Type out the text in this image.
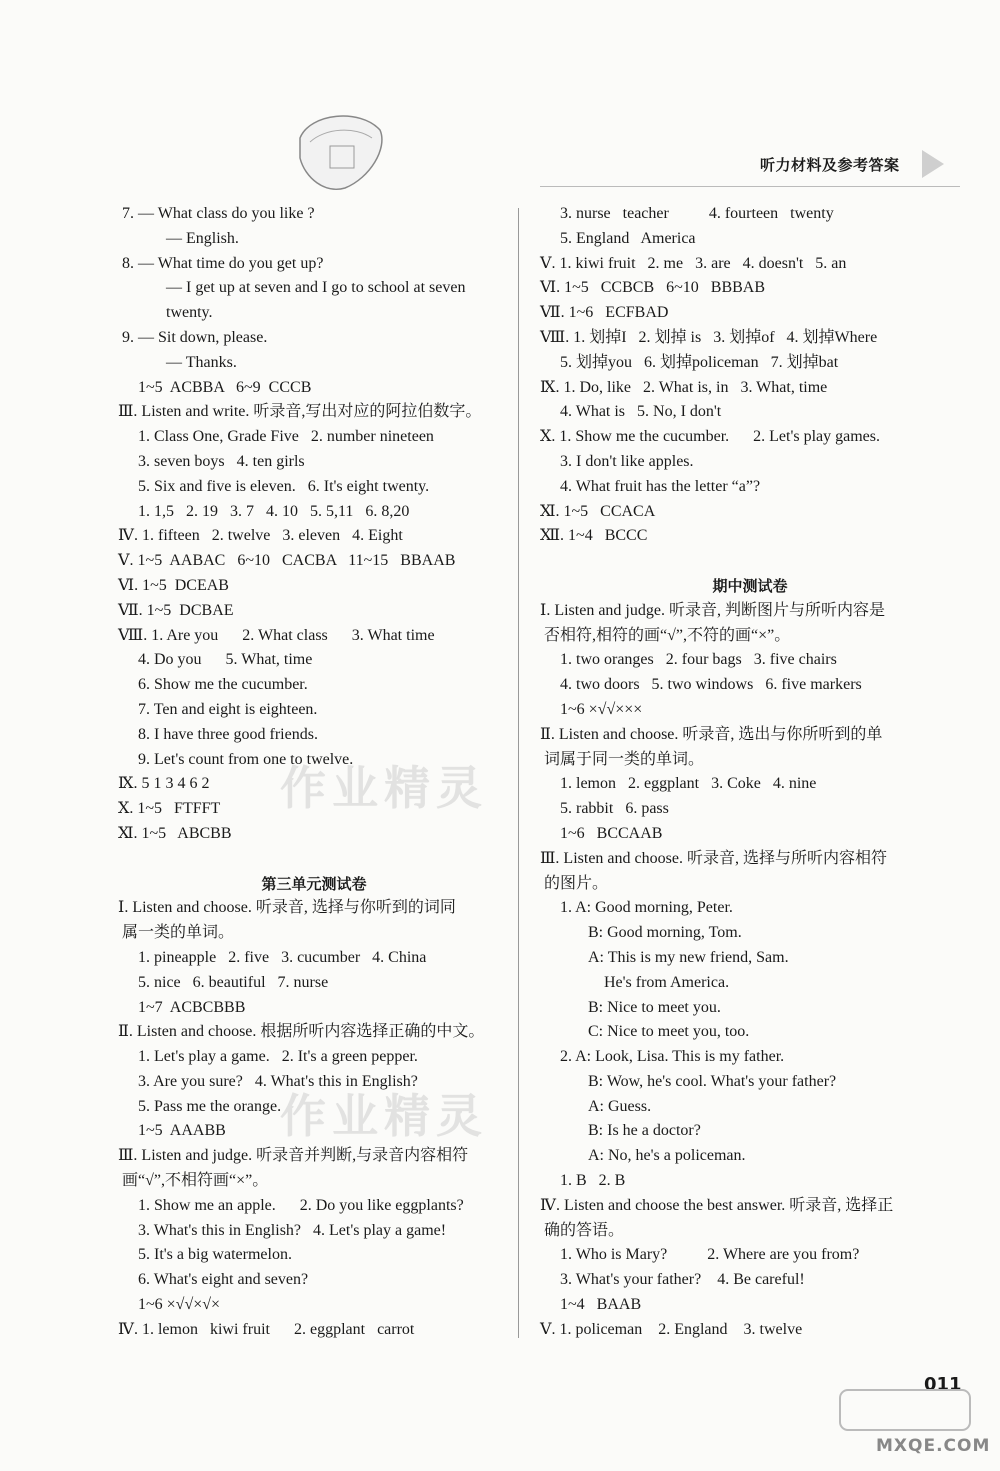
听力材料及参考答案
7. — What class do you like ?
— English.
8. — What time do you get up?
— I get up at seven and I go to school at seven
twenty.
9. — Sit down, please.
— Thanks.
1~5  ACBBA   6~9  CCCB
Ⅲ. Listen and write. 听录音,写出对应的阿拉伯数字。
1. Class One, Grade Five   2. number nineteen
3. seven boys   4. ten girls
5. Six and five is eleven.   6. It's eight twenty.
1. 1,5   2. 19   3. 7   4. 10   5. 5,11   6. 8,20
Ⅳ. 1. fifteen   2. twelve   3. eleven   4. Eight
Ⅴ. 1~5  AABAC   6~10   CACBA   11~15   BBAAB
Ⅵ. 1~5  DCEAB
Ⅶ. 1~5  DCBAE
Ⅷ. 1. Are you      2. What class      3. What time
4. Do you      5. What, time
6. Show me the cucumber.
7. Ten and eight is eighteen.
8. I have three good friends.
9. Let's count from one to twelve.
Ⅸ. 5 1 3 4 6 2
Ⅹ. 1~5   FTFFT
Ⅺ. 1~5   ABCBB
第三单元测试卷
Ⅰ. Listen and choose. 听录音, 选择与你听到的词同
属一类的单词。
1. pineapple   2. five   3. cucumber   4. China
5. nice   6. beautiful   7. nurse
1~7  ACBCBBB
Ⅱ. Listen and choose. 根据所听内容选择正确的中文。
1. Let's play a game.   2. It's a green pepper.
3. Are you sure?   4. What's this in English?
5. Pass me the orange.
1~5  AAABB
Ⅲ. Listen and judge. 听录音并判断,与录音内容相符
画“√”,不相符画“×”。
1. Show me an apple.      2. Do you like eggplants?
3. What's this in English?   4. Let's play a game!
5. It's a big watermelon.
6. What's eight and seven?
1~6 ×√√×√×
Ⅳ. 1. lemon   kiwi fruit      2. eggplant   carrot
3. nurse   teacher          4. fourteen   twenty
5. England   America
Ⅴ. 1. kiwi fruit   2. me   3. are   4. doesn't   5. an
Ⅵ. 1~5   CCBCB   6~10   BBBAB
Ⅶ. 1~6   ECFBAD
Ⅷ. 1. 划掉I   2. 划掉 is   3. 划掉of   4. 划掉Where
5. 划掉you   6. 划掉policeman   7. 划掉bat
Ⅸ. 1. Do, like   2. What is, in   3. What, time
4. What is   5. No, I don't
Ⅹ. 1. Show me the cucumber.      2. Let's play games.
3. I don't like apples.
4. What fruit has the letter “a”?
Ⅺ. 1~5   CCACA
Ⅻ. 1~4   BCCC
期中测试卷
Ⅰ. Listen and judge. 听录音, 判断图片与所听内容是
否相符,相符的画“√”,不符的画“×”。
1. two oranges   2. four bags   3. five chairs
4. two doors   5. two windows   6. five markers
1~6 ×√√×××
Ⅱ. Listen and choose. 听录音, 选出与你所听到的单
词属于同一类的单词。
1. lemon   2. eggplant   3. Coke   4. nine
5. rabbit   6. pass
1~6   BCCAAB
Ⅲ. Listen and choose. 听录音, 选择与所听内容相符
的图片。
1. A: Good morning, Peter.
B: Good morning, Tom.
A: This is my new friend, Sam.
He's from America.
B: Nice to meet you.
C: Nice to meet you, too.
2. A: Look, Lisa. This is my father.
B: Wow, he's cool. What's your father?
A: Guess.
B: Is he a doctor?
A: No, he's a policeman.
1. B   2. B
Ⅳ. Listen and choose the best answer. 听录音, 选择正
确的答语。
1. Who is Mary?          2. Where are you from?
3. What's your father?    4. Be careful!
1~4   BAAB
Ⅴ. 1. policeman    2. England    3. twelve
作业精灵
作业精灵
011
MXQE.COM
